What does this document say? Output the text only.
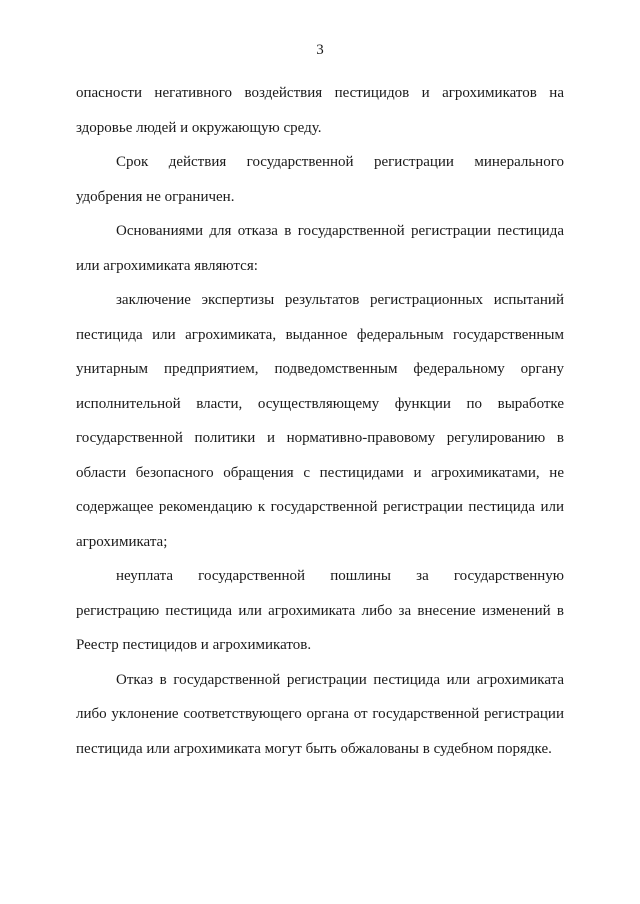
3

опасности негативного воздействия пестицидов и агрохимикатов на здоровье людей и окружающую среду.

Срок действия государственной регистрации минерального удобрения не ограничен.

Основаниями для отказа в государственной регистрации пестицида или агрохимиката являются:

заключение экспертизы результатов регистрационных испытаний пестицида или агрохимиката, выданное федеральным государственным унитарным предприятием, подведомственным федеральному органу исполнительной власти, осуществляющему функции по выработке государственной политики и нормативно-правовому регулированию в области безопасного обращения с пестицидами и агрохимикатами, не содержащее рекомендацию к государственной регистрации пестицида или агрохимиката;

неуплата государственной пошлины за государственную регистрацию пестицида или агрохимиката либо за внесение изменений в Реестр пестицидов и агрохимикатов.

Отказ в государственной регистрации пестицида или агрохимиката либо уклонение соответствующего органа от государственной регистрации пестицида или агрохимиката могут быть обжалованы в судебном порядке.
